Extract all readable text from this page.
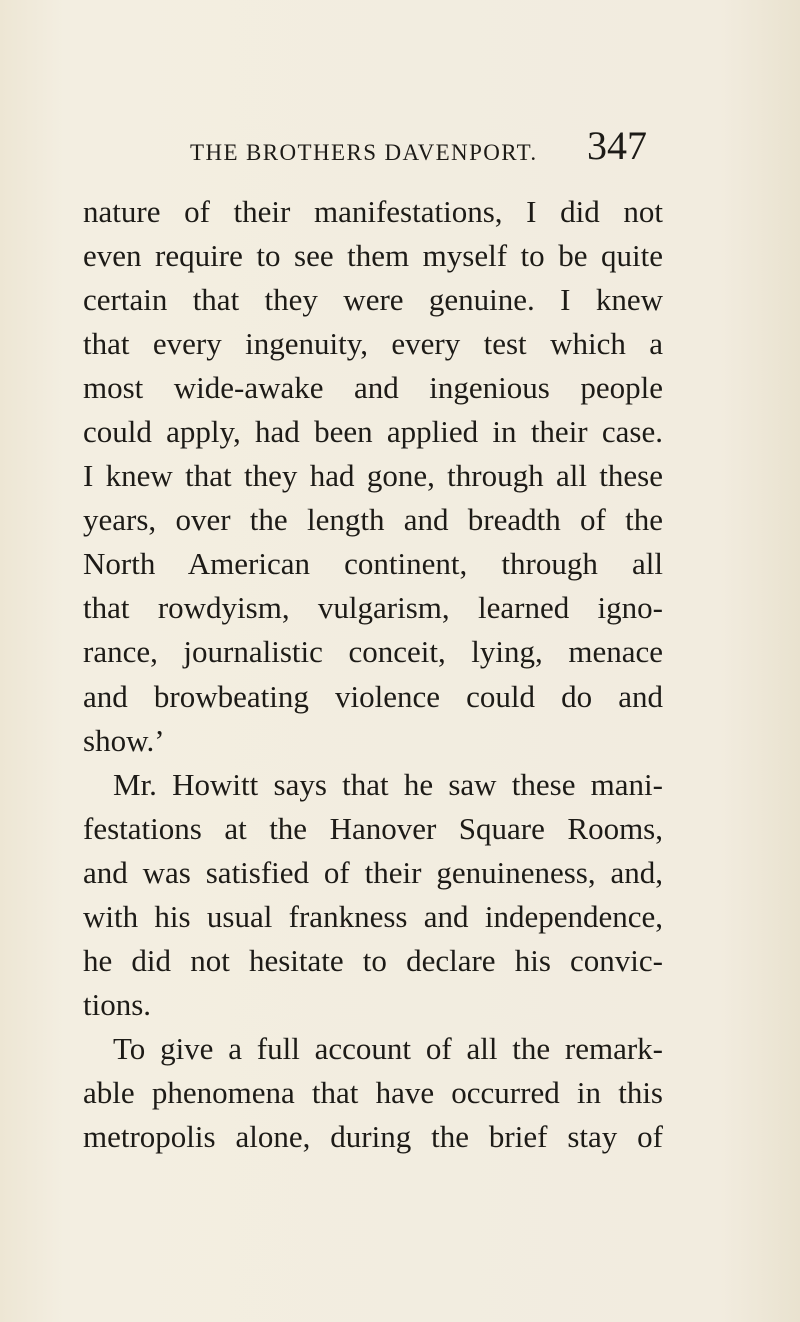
THE BROTHERS DAVENPORT. 347
nature of their manifestations, I did not
even require to see them myself to be quite
certain that they were genuine. I knew
that every ingenuity, every test which a
most wide-awake and ingenious people
could apply, had been applied in their case.
I knew that they had gone, through all these
years, over the length and breadth of the
North American continent, through all
that rowdyism, vulgarism, learned igno-
rance, journalistic conceit, lying, menace
and browbeating violence could do and
show.’
Mr. Howitt says that he saw these mani-
festations at the Hanover Square Rooms,
and was satisfied of their genuineness, and,
with his usual frankness and independence,
he did not hesitate to declare his convic-
tions.
To give a full account of all the remark-
able phenomena that have occurred in this
metropolis alone, during the brief stay of
